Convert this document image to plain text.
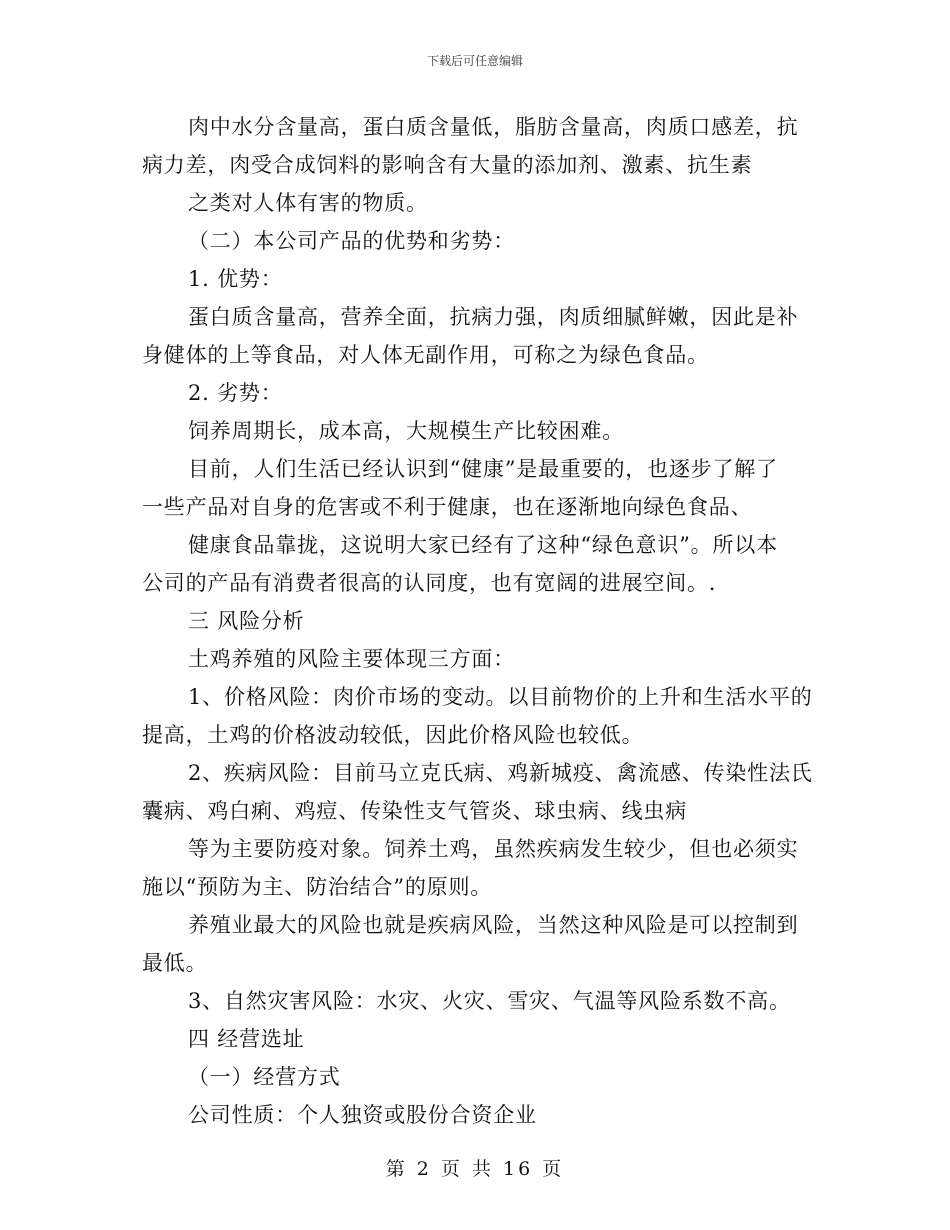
下载后可任意编辑

肉中水分含量高，蛋白质含量低，脂肪含量高，肉质口感差，抗

病力差，肉受合成饲料的影响含有大量的添加剂、激素、抗生素

之类对人体有害的物质。

（二）本公司产品的优势和劣势：

1. 优势：

蛋白质含量高，营养全面，抗病力强，肉质细腻鲜嫩，因此是补

身健体的上等食品，对人体无副作用，可称之为绿色食品。

2. 劣势：

饲养周期长，成本高，大规模生产比较困难。

目前，人们生活已经认识到“健康”是最重要的，也逐步了解了

一些产品对自身的危害或不利于健康，也在逐渐地向绿色食品、

健康食品靠拢，这说明大家已经有了这种“绿色意识”。所以本

公司的产品有消费者很高的认同度，也有宽阔的进展空间。.

三 风险分析

土鸡养殖的风险主要体现三方面：

1、价格风险：肉价市场的变动。以目前物价的上升和生活水平的

提高，土鸡的价格波动较低，因此价格风险也较低。

2、疾病风险：目前马立克氏病、鸡新城疫、禽流感、传染性法氏

囊病、鸡白痢、鸡痘、传染性支气管炎、球虫病、线虫病

等为主要防疫对象。饲养土鸡，虽然疾病发生较少，但也必须实

施以“预防为主、防治结合”的原则。

养殖业最大的风险也就是疾病风险，当然这种风险是可以控制到

最低。

3、自然灾害风险：水灾、火灾、雪灾、气温等风险系数不高。

四 经营选址

（一）经营方式

公司性质：个人独资或股份合资企业

第 2 页 共 16 页
